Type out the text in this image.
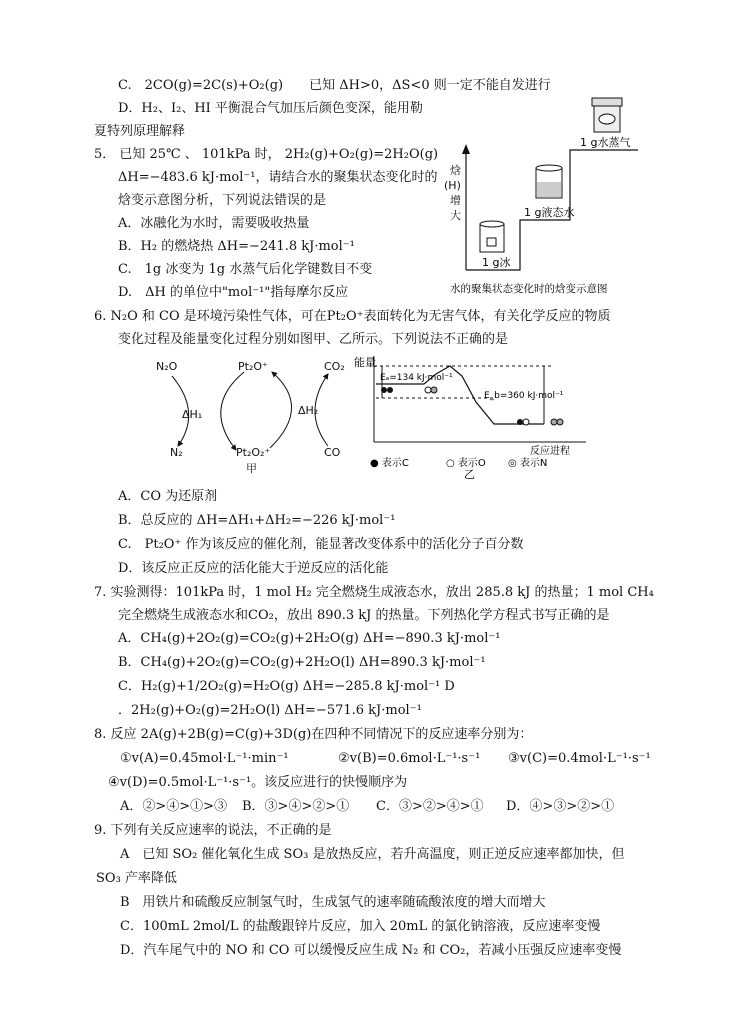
C.　2CO(g)=2C(s)+O₂(g)　　已知 ΔH>0，ΔS<0 则一定不能自发进行
D．H₂、I₂、HI 平衡混合气加压后颜色变深，能用勒
夏特列原理解释
5． 已知 25℃ 、 101kPa 时， 2H₂(g)+O₂(g)=2H₂O(g)
ΔH=−483.6 kJ·mol⁻¹，请结合水的聚集状态变化时的
焓变示意图分析，下列说法错误的是
A．冰融化为水时，需要吸收热量
B．H₂ 的燃烧热 ΔH=−241.8 kJ·mol⁻¹
C.　1g 冰变为 1g 水蒸气后化学键数目不变
D.　ΔH 的单位中"mol⁻¹"指每摩尔反应
焓
(H)
增
大
1 g水蒸气
1 g液态水
1 g冰
水的聚集状态变化时的焓变示意图
6. N₂O 和 CO 是环境污染性气体，可在Pt₂O⁺表面转化为无害气体，有关化学反应的物质
变化过程及能量变化过程分别如图甲、乙所示。下列说法不正确的是
N₂O	Pt₂O⁺	CO₂
ΔH₁	ΔH₂
N₂	Pt₂O₂⁺	CO
甲
能量
Eₐ=134 kJ·mol⁻¹
E_b=360 kJ·mol⁻¹
反应进程
● 表示C	○ 表示O ◎ 表示N
乙
A．CO 为还原剂
B．总反应的 ΔH=ΔH₁+ΔH₂=−226 kJ·mol⁻¹
C.　Pt₂O⁺ 作为该反应的催化剂，能显著改变体系中的活化分子百分数
D．该反应正反应的活化能大于逆反应的活化能
7. 实验测得：101kPa 时，1 mol H₂ 完全燃烧生成液态水，放出 285.8 kJ 的热量；1 mol CH₄
完全燃烧生成液态水和CO₂，放出 890.3 kJ 的热量。下列热化学方程式书写正确的是
A．CH₄(g)+2O₂(g)=CO₂(g)+2H₂O(g) ΔH=−890.3 kJ·mol⁻¹
B．CH₄(g)+2O₂(g)=CO₂(g)+2H₂O(l) ΔH=890.3 kJ·mol⁻¹
C．H₂(g)+1/2O₂(g)=H₂O(g) ΔH=−285.8 kJ·mol⁻¹ D
．2H₂(g)+O₂(g)=2H₂O(l) ΔH=−571.6 kJ·mol⁻¹
8. 反应 2A(g)+2B(g)=C(g)+3D(g)在四种不同情况下的反应速率分别为：
①v(A)=0.45mol·L⁻¹·min⁻¹	②v(B)=0.6mol·L⁻¹·s⁻¹ ③v(C)=0.4mol·L⁻¹·s⁻¹
④v(D)=0.5mol·L⁻¹·s⁻¹。该反应进行的快慢顺序为
A．②>④>①>③ B．③>④>②>① C．③>②>④>① D．④>③>②>①
9. 下列有关反应速率的说法，不正确的是
A　已知 SO₂ 催化氧化生成 SO₃ 是放热反应，若升高温度，则正逆反应速率都加快，但
SO₃ 产率降低
B　用铁片和硫酸反应制氢气时，生成氢气的速率随硫酸浓度的增大而增大
C．100mL 2mol/L 的盐酸跟锌片反应，加入 20mL 的氯化钠溶液，反应速率变慢
D．汽车尾气中的 NO 和 CO 可以缓慢反应生成 N₂ 和 CO₂，若减小压强反应速率变慢
